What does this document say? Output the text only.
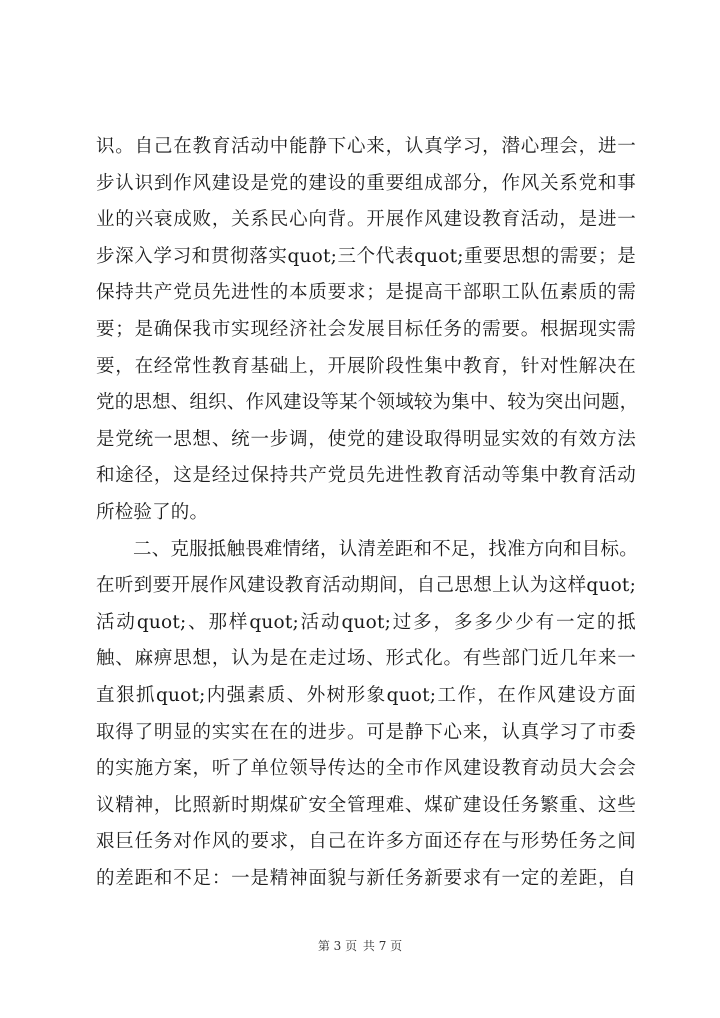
识。自己在教育活动中能静下心来，认真学习，潜心理会，进一
步认识到作风建设是党的建设的重要组成部分，作风关系党和事
业的兴衰成败，关系民心向背。开展作风建设教育活动，是进一
步深入学习和贯彻落实quot;三个代表quot;重要思想的需要；是
保持共产党员先进性的本质要求；是提高干部职工队伍素质的需
要；是确保我市实现经济社会发展目标任务的需要。根据现实需
要，在经常性教育基础上，开展阶段性集中教育，针对性解决在
党的思想、组织、作风建设等某个领域较为集中、较为突出问题，
是党统一思想、统一步调，使党的建设取得明显实效的有效方法
和途径，这是经过保持共产党员先进性教育活动等集中教育活动
所检验了的。
二、克服抵触畏难情绪，认清差距和不足，找准方向和目标。
在听到要开展作风建设教育活动期间，自己思想上认为这样quot;
活动quot;、那样quot;活动quot;过多，多多少少有一定的抵
触、麻痹思想，认为是在走过场、形式化。有些部门近几年来一
直狠抓quot;内强素质、外树形象quot;工作，在作风建设方面
取得了明显的实实在在的进步。可是静下心来，认真学习了市委
的实施方案，听了单位领导传达的全市作风建设教育动员大会会
议精神，比照新时期煤矿安全管理难、煤矿建设任务繁重、这些
艰巨任务对作风的要求，自己在许多方面还存在与形势任务之间
的差距和不足：一是精神面貌与新任务新要求有一定的差距，自
第 3 页 共 7 页
